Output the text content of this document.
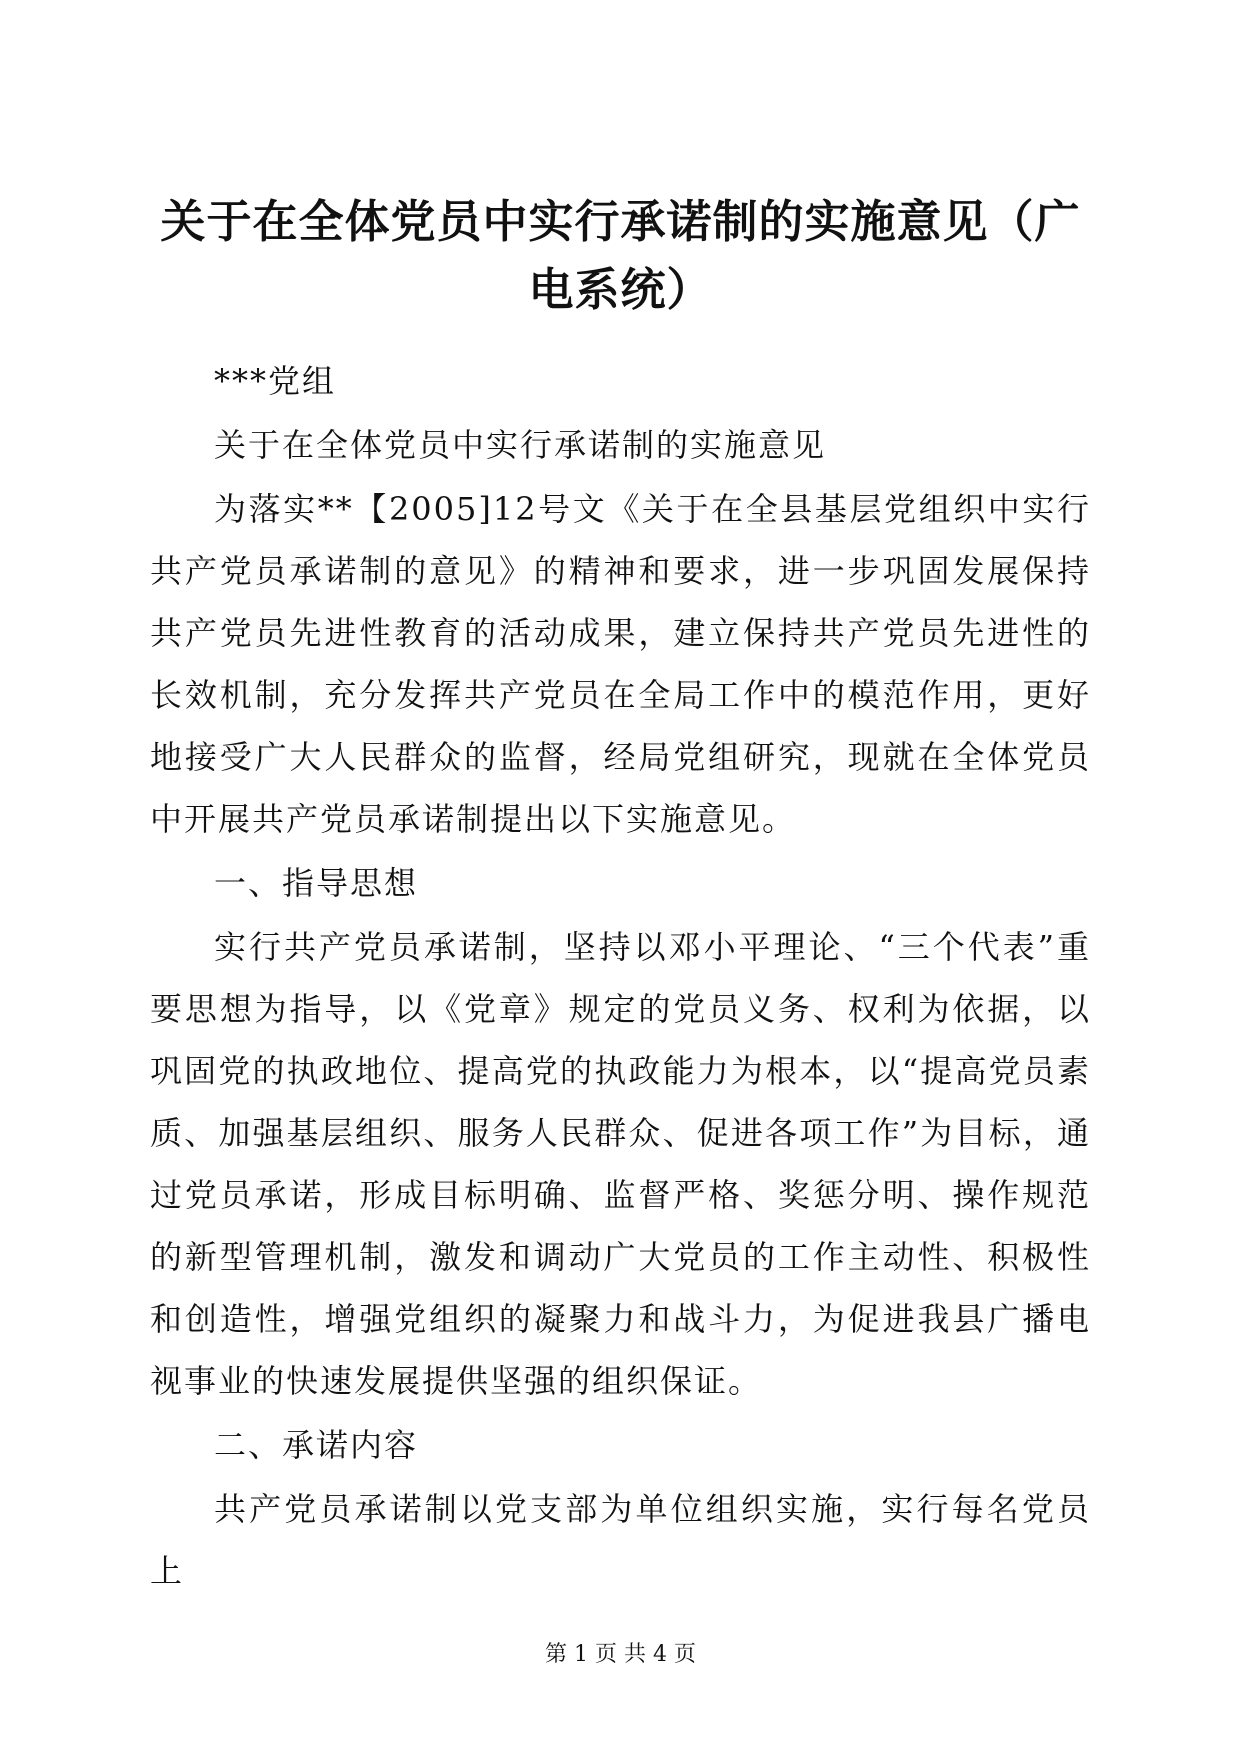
关于在全体党员中实行承诺制的实施意见（广电系统）

***党组

关于在全体党员中实行承诺制的实施意见

为落实**【2005]12号文《关于在全县基层党组织中实行共产党员承诺制的意见》的精神和要求，进一步巩固发展保持共产党员先进性教育的活动成果，建立保持共产党员先进性的长效机制，充分发挥共产党员在全局工作中的模范作用，更好地接受广大人民群众的监督，经局党组研究，现就在全体党员中开展共产党员承诺制提出以下实施意见。

一、指导思想

实行共产党员承诺制，坚持以邓小平理论、“三个代表”重要思想为指导，以《党章》规定的党员义务、权利为依据，以巩固党的执政地位、提高党的执政能力为根本，以“提高党员素质、加强基层组织、服务人民群众、促进各项工作”为目标，通过党员承诺，形成目标明确、监督严格、奖惩分明、操作规范的新型管理机制，激发和调动广大党员的工作主动性、积极性和创造性，增强党组织的凝聚力和战斗力，为促进我县广播电视事业的快速发展提供坚强的组织保证。

二、承诺内容

共产党员承诺制以党支部为单位组织实施，实行每名党员上

第 1 页 共 4 页
